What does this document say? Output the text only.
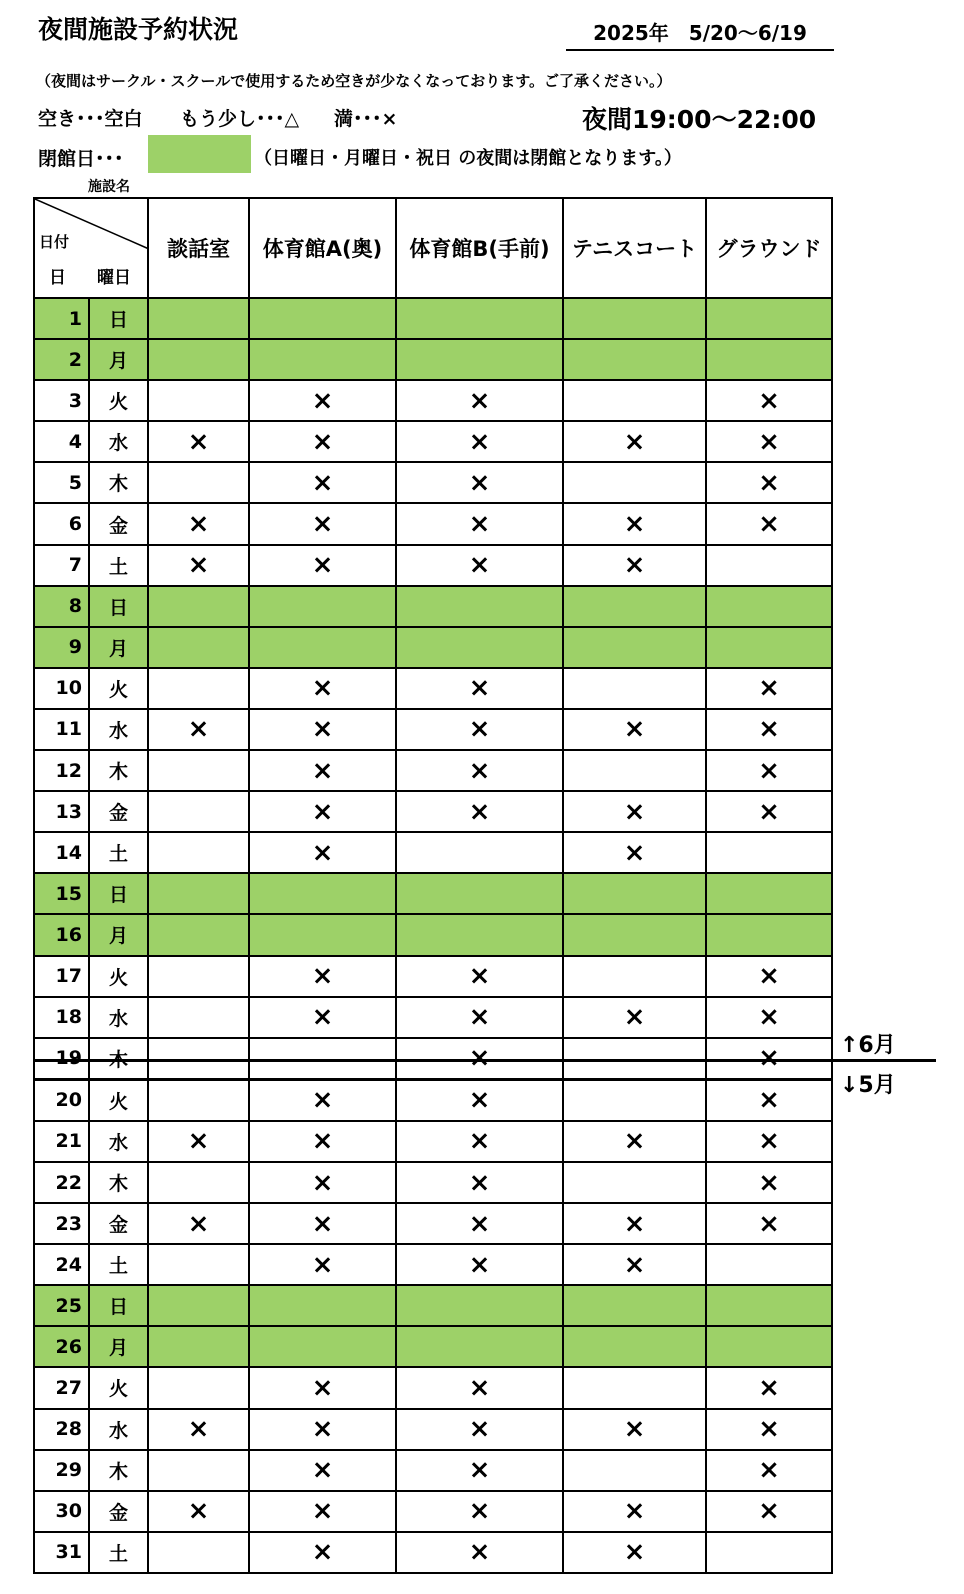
夜間施設予約状況	2025年　5/20～6/19
（夜間はサークル・スクールで使用するため空きが少なくなっております。ご了承ください。）
空き･･･空白 もう少し･･･△ 満･･･×	夜間19:00～22:00
閉館日･･･	（日曜日・月曜日・祝日 の夜間は閉館となります。）
施設名
日付
日 曜日		談話室	体育館A(奥)	体育館B(手前)	テニスコート	グラウンド
1	日					
2	月					
3	火		×	×		×
4	水	×	×	×	×	×
5	木		×	×		×
6	金	×	×	×	×	×
7	土	×	×	×	×	
8	日					
9	月					
10	火		×	×		×
11	水	×	×	×	×	×
12	木		×	×		×
13	金		×	×	×	×
14	土		×		×	
15	日					
16	月					
17	火		×	×		×
18	水		×	×	×	×
19	木			×		×
20	火		×	×		×
21	水	×	×	×	×	×
22	木		×	×		×
23	金	×	×	×	×	×
24	土		×	×	×	
25	日					
26	月					
27	火		×	×		×
28	水	×	×	×	×	×
29	木		×	×		×
30	金	×	×	×	×	×
31	土		×	×	×	
↑6月
↓5月
